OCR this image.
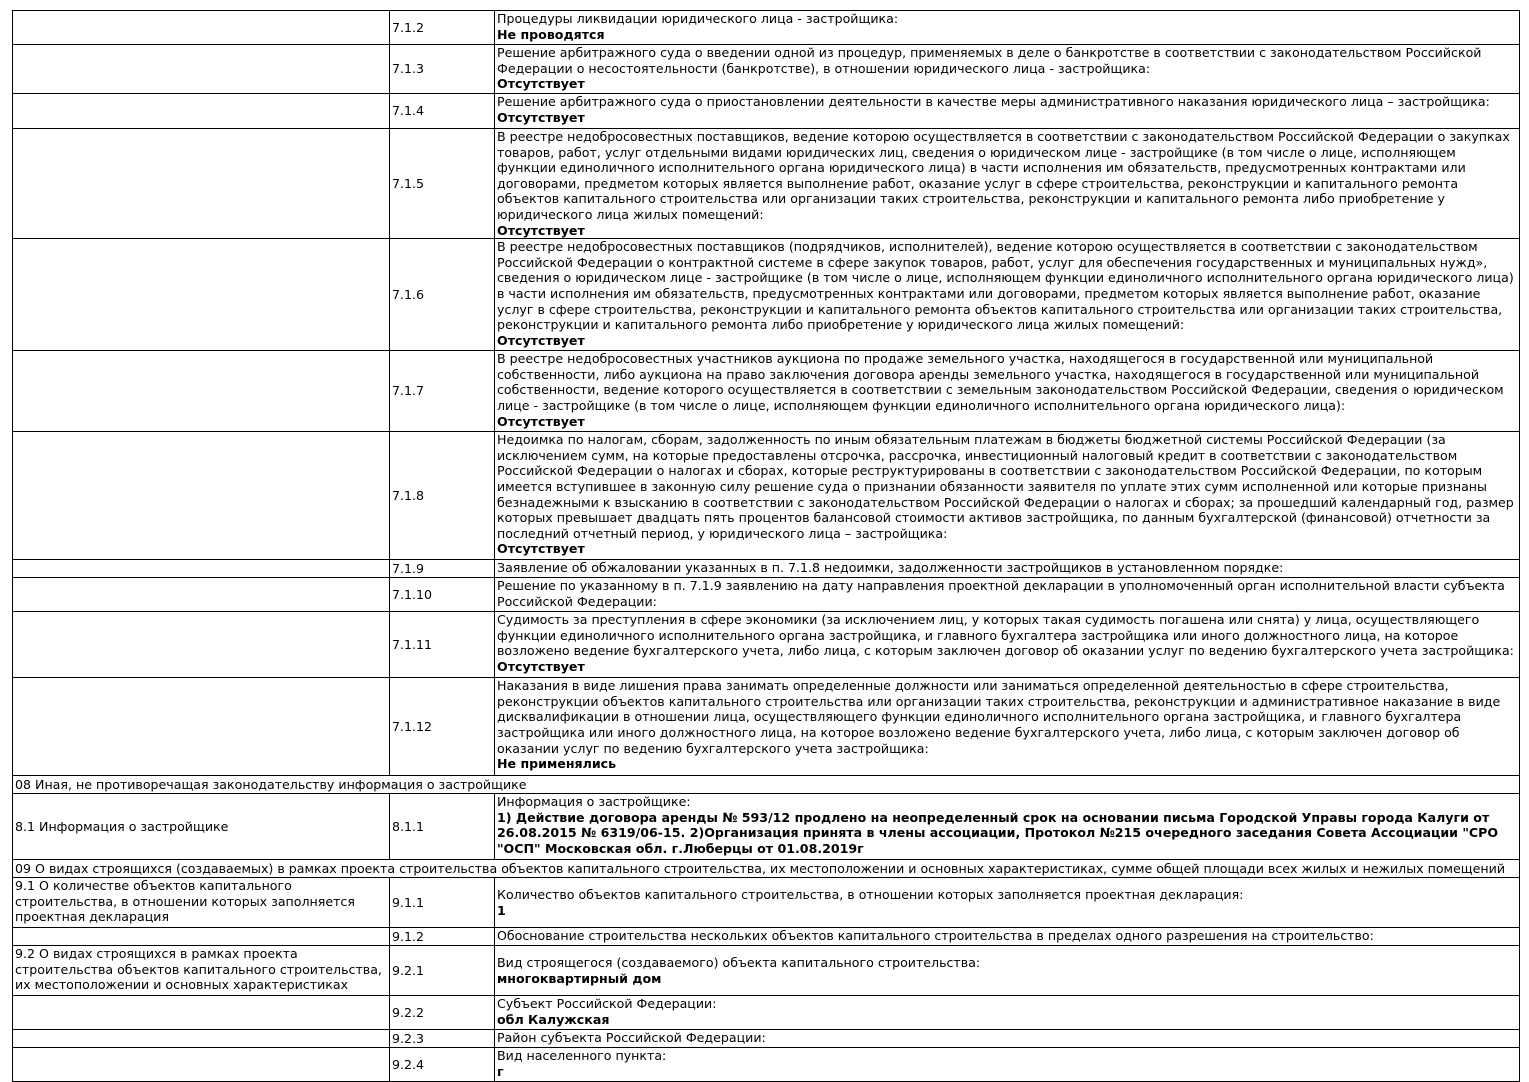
	7.1.2	Процедуры ликвидации юридического лица - застройщика:
Не проводятся

	7.1.3	Решение арбитражного суда о введении одной из процедур, применяемых в деле о банкротстве в соответствии с законодательством Российской Федерации о несостоятельности (банкротстве), в отношении юридического лица - застройщика:
Отсутствует

	7.1.4	Решение арбитражного суда о приостановлении деятельности в качестве меры административного наказания юридического лица – застройщика:
Отсутствует

	7.1.5	В реестре недобросовестных поставщиков, ведение которою осуществляется в соответствии с законодательством Российской Федерации о закупках товаров, работ, услуг отдельными видами юридических лиц, сведения о юридическом лице - застройщике (в том числе о лице, исполняющем функции единоличного исполнительного органа юридического лица) в части исполнения им обязательств, предусмотренных контрактами или договорами, предметом которых является выполнение работ, оказание услуг в сфере строительства, реконструкции и капитального ремонта объектов капитального строительства или организации таких строительства, реконструкции и капитального ремонта либо приобретение у юридического лица жилых помещений:
Отсутствует

	7.1.6	В реестре недобросовестных поставщиков (подрядчиков, исполнителей), ведение которою осуществляется в соответствии с законодательством Российской Федерации о контрактной системе в сфере закупок товаров, работ, услуг для обеспечения государственных и муниципальных нужд», сведения о юридическом лице - застройщике (в том числе о лице, исполняющем функции единоличного исполнительного органа юридического лица) в части исполнения им обязательств, предусмотренных контрактами или договорами, предметом которых является выполнение работ, оказание услуг в сфере строительства, реконструкции и капитального ремонта объектов капитального строительства или организации таких строительства, реконструкции и капитального ремонта либо приобретение у юридического лица жилых помещений:
Отсутствует

	7.1.7	В реестре недобросовестных участников аукциона по продаже земельного участка, находящегося в государственной или муниципальной собственности, либо аукциона на право заключения договора аренды земельного участка, находящегося в государственной или муниципальной собственности, ведение которого осуществляется в соответствии с земельным законодательством Российской Федерации, сведения о юридическом лице - застройщике (в том числе о лице, исполняющем функции единоличного исполнительного органа юридического лица):
Отсутствует

	7.1.8	Недоимка по налогам, сборам, задолженность по иным обязательным платежам в бюджеты бюджетной системы Российской Федерации (за исключением сумм, на которые предоставлены отсрочка, рассрочка, инвестиционный налоговый кредит в соответствии с законодательством Российской Федерации о налогах и сборах, которые реструктурированы в соответствии с законодательством Российской Федерации, по которым имеется вступившее в законную силу решение суда о признании обязанности заявителя по уплате этих сумм исполненной или которые признаны безнадежными к взысканию в соответствии с законодательством Российской Федерации о налогах и сборах; за прошедший календарный год, размер которых превышает двадцать пять процентов балансовой стоимости активов застройщика, по данным бухгалтерской (финансовой) отчетности за последний отчетный период, у юридического лица – застройщика:
Отсутствует

	7.1.9	Заявление об обжаловании указанных в п. 7.1.8 недоимки, задолженности застройщиков в установленном порядке:

	7.1.10	Решение по указанному в п. 7.1.9 заявлению на дату направления проектной декларации в уполномоченный орган исполнительной власти субъекта Российской Федерации:

	7.1.11	Судимость за преступления в сфере экономики (за исключением лиц, у которых такая судимость погашена или снята) у лица, осуществляющего функции единоличного исполнительного органа застройщика, и главного бухгалтера застройщика или иного должностного лица, на которое возложено ведение бухгалтерского учета, либо лица, с которым заключен договор об оказании услуг по ведению бухгалтерского учета застройщика:
Отсутствует

	7.1.12	Наказания в виде лишения права занимать определенные должности или заниматься определенной деятельностью в сфере строительства, реконструкции объектов капитального строительства или организации таких строительства, реконструкции и административное наказание в виде дисквалификации в отношении лица, осуществляющего функции единоличного исполнительного органа застройщика, и главного бухгалтера застройщика или иного должностного лица, на которое возложено ведение бухгалтерского учета, либо лица, с которым заключен договор об оказании услуг по ведению бухгалтерского учета застройщика:
Не применялись

08 Иная, не противоречащая законодательству информация о застройщике		
8.1 Информация о застройщике	8.1.1	Информация о застройщике:
1) Действие договора аренды № 593/12 продлено на неопределенный срок на основании письма Городской Управы города Калуги от 26.08.2015 № 6319/06-15. 2)Организация принята в члены ассоциации, Протокол №215 очередного заседания Совета Ассоциации "СРО "ОСП" Московская обл. г.Люберцы от 01.08.2019г

09 О видах строящихся (создаваемых) в рамках проекта строительства объектов капитального строительства, их местоположении и основных характеристиках, сумме общей площади всех жилых и нежилых помещений		
9.1 О количестве объектов капитального строительства, в отношении которых заполняется проектная декларация	9.1.1	Количество объектов капитального строительства, в отношении которых заполняется проектная декларация:
1

	9.1.2	Обоснование строительства нескольких объектов капитального строительства в пределах одного разрешения на строительство:

9.2 О видах строящихся в рамках проекта строительства объектов капитального строительства, их местоположении и основных характеристиках	9.2.1	Вид строящегося (создаваемого) объекта капитального строительства:
многоквартирный дом

	9.2.2	Субъект Российской Федерации:
обл Калужская

	9.2.3	Район субъекта Российской Федерации:

	9.2.4	Вид населенного пункта:
г
